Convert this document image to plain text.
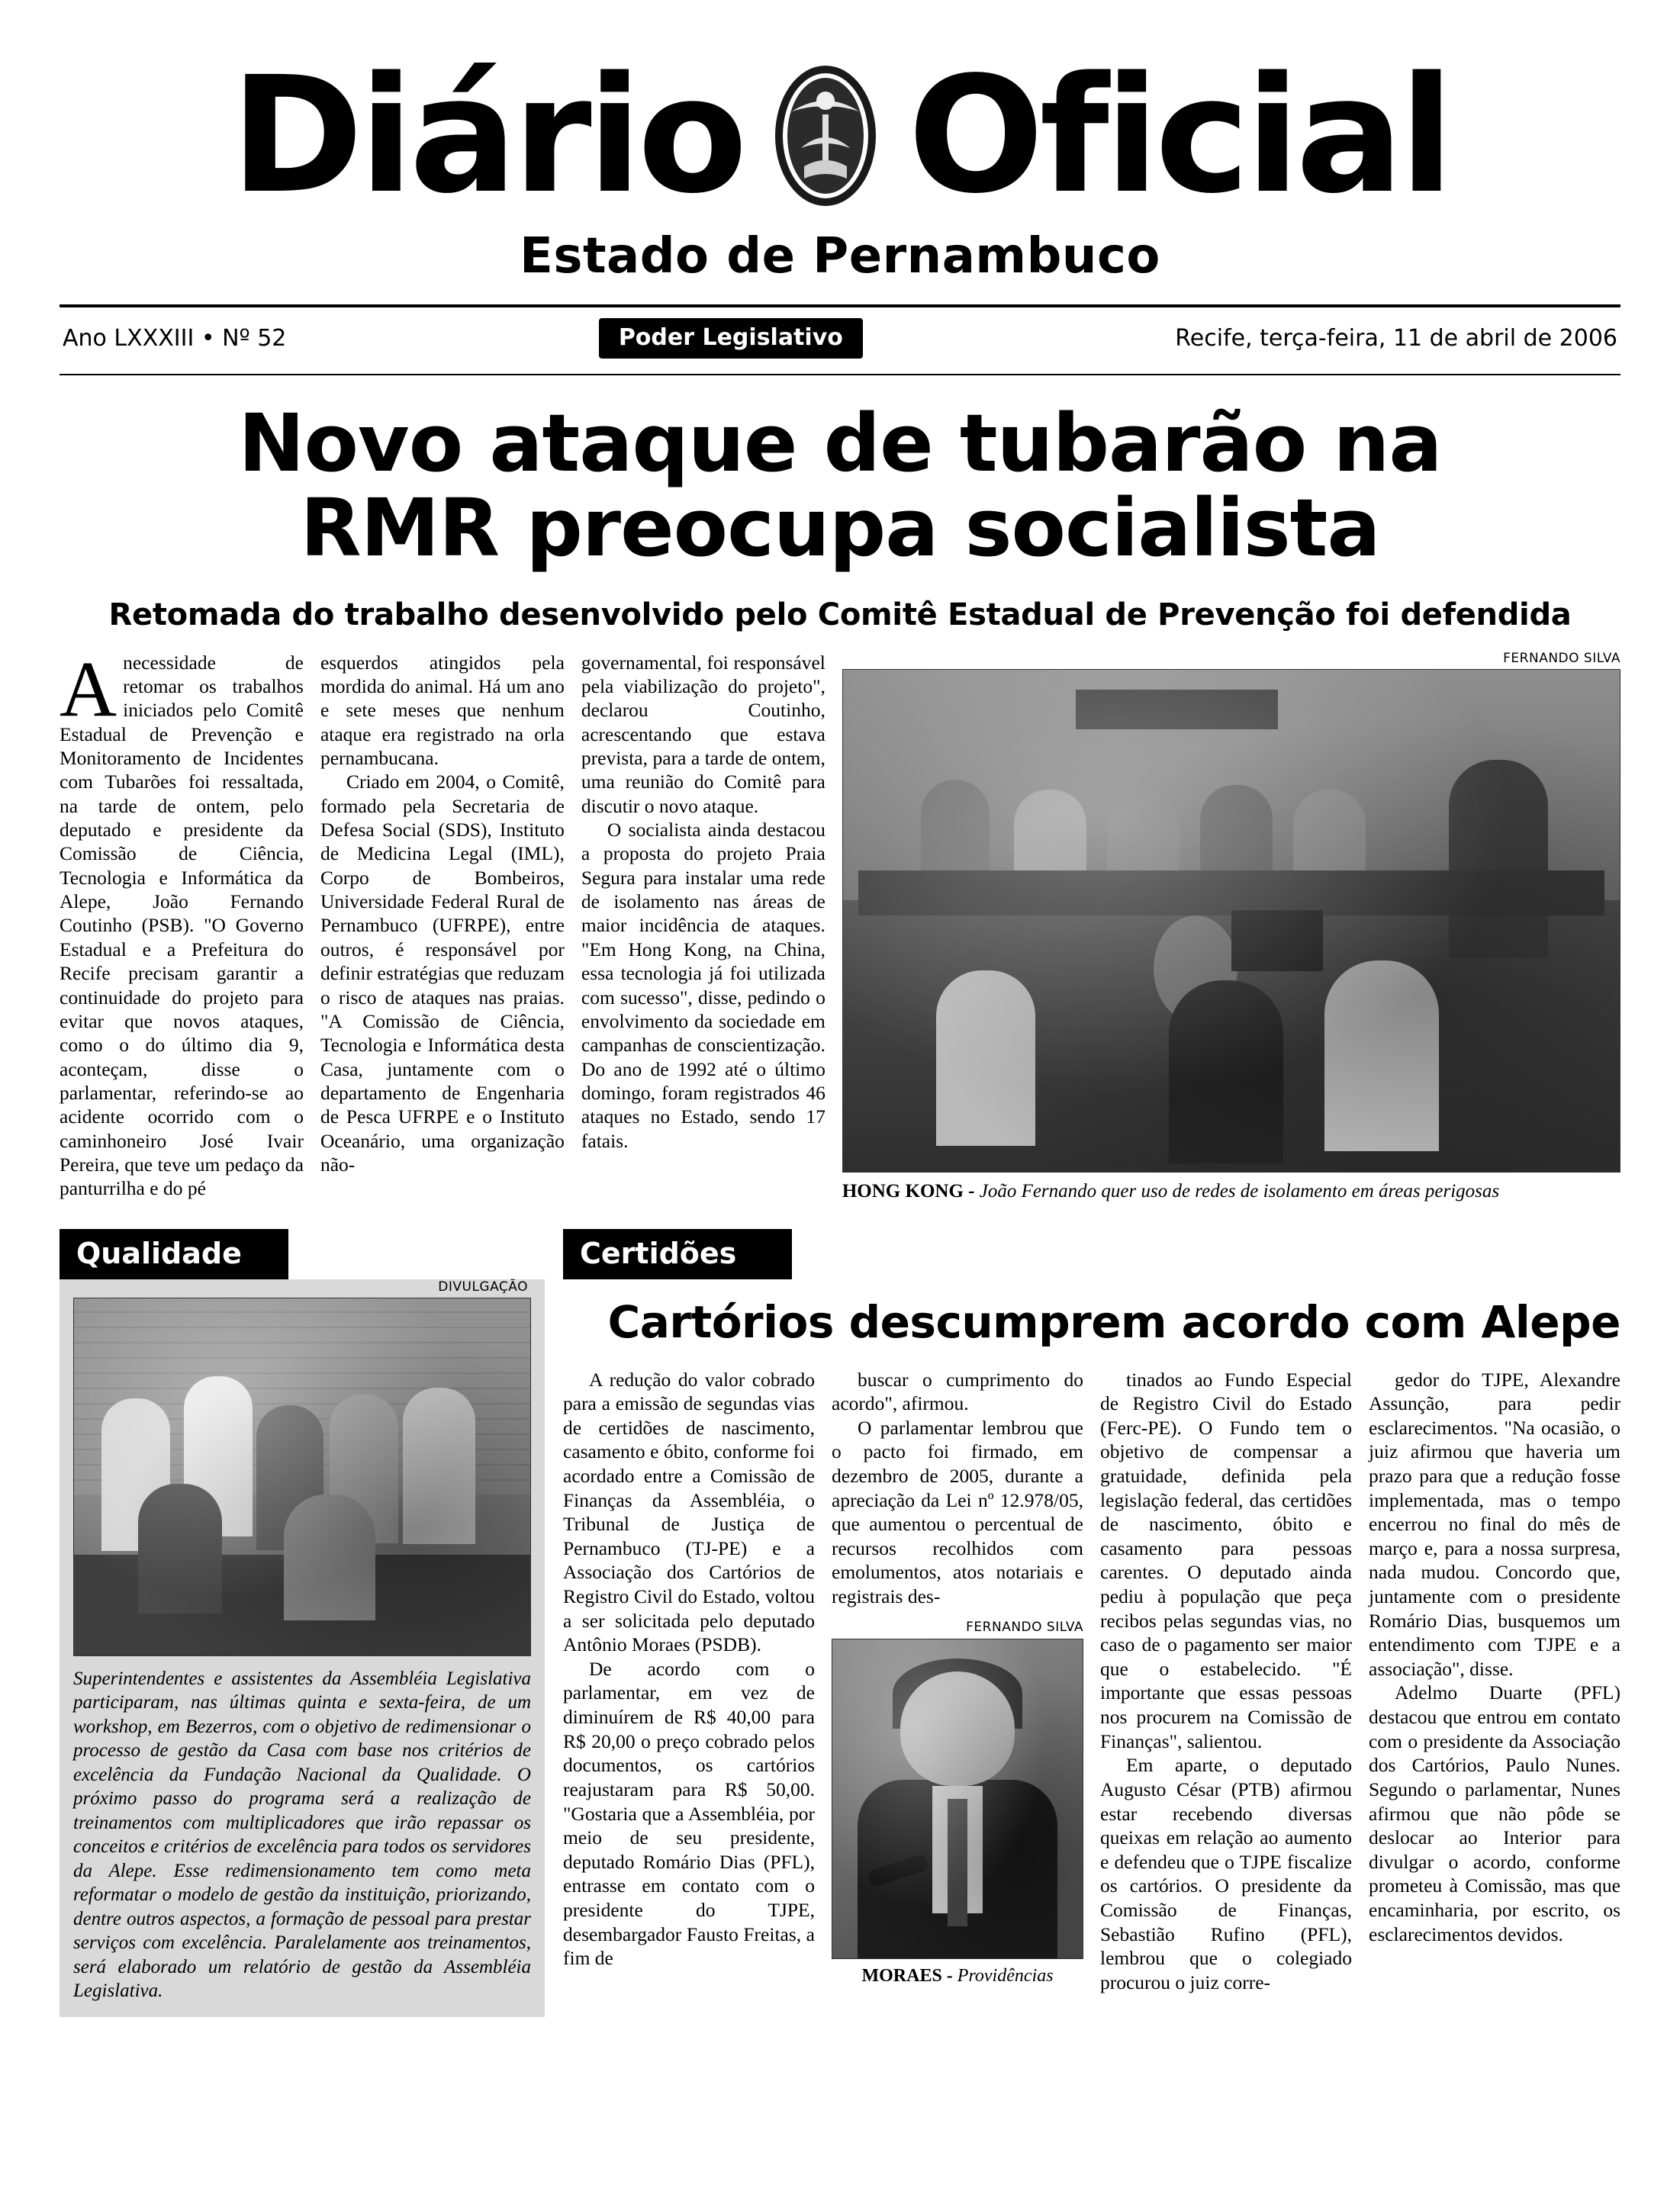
Diário Oficial
Estado de Pernambuco
Ano LXXXIII • Nº 52	Poder Legislativo	Recife, terça-feira, 11 de abril de 2006
Novo ataque de tubarão na
RMR preocupa socialista
Retomada do trabalho desenvolvido pelo Comitê Estadual de Prevenção foi defendida

Anecessidade de retomar os trabalhos iniciados pelo Comitê Estadual de Prevenção e Monitoramento de Incidentes com Tubarões foi ressaltada, na tarde de ontem, pelo deputado e presidente da Comissão de Ciência, Tecnologia e Informática da Alepe, João Fernando Coutinho (PSB). "O Governo Estadual e a Prefeitura do Recife precisam garantir a continuidade do projeto para evitar que novos ataques, como o do último dia 9, aconteçam, disse o parlamentar, referindo-se ao acidente ocorrido com o caminhoneiro José Ivair Pereira, que teve um pedaço da panturrilha e do pé

esquerdos atingidos pela mordida do animal. Há um ano e sete meses que nenhum ataque era registrado na orla pernambucana.

Criado em 2004, o Comitê, formado pela Secretaria de Defesa Social (SDS), Instituto de Medicina Legal (IML), Corpo de Bombeiros, Universidade Federal Rural de Pernambuco (UFRPE), entre outros, é responsável por definir estratégias que reduzam o risco de ataques nas praias. "A Comissão de Ciência, Tecnologia e Informática desta Casa, juntamente com o departamento de Engenharia de Pesca UFRPE e o Instituto Oceanário, uma organização não-

governamental, foi responsável pela viabilização do projeto", declarou Coutinho, acrescentando que estava prevista, para a tarde de ontem, uma reunião do Comitê para discutir o novo ataque.

O socialista ainda destacou a proposta do projeto Praia Segura para instalar uma rede de isolamento nas áreas de maior incidência de ataques. "Em Hong Kong, na China, essa tecnologia já foi utilizada com sucesso", disse, pedindo o envolvimento da sociedade em campanhas de conscientização. Do ano de 1992 até o último domingo, foram registrados 46 ataques no Estado, sendo 17 fatais.

FERNANDO SILVA
HONG KONG - João Fernando quer uso de redes de isolamento em áreas perigosas
Qualidade
DIVULGAÇÃO
Superintendentes e assistentes da Assembléia Legislativa participaram, nas últimas quinta e sexta-feira, de um workshop, em Bezerros, com o objetivo de redimensionar o processo de gestão da Casa com base nos critérios de excelência da Fundação Nacional da Qualidade. O próximo passo do programa será a realização de treinamentos com multiplicadores que irão repassar os conceitos e critérios de excelência para todos os servidores da Alepe. Esse redimensionamento tem como meta reformatar o modelo de gestão da instituição, priorizando, dentre outros aspectos, a formação de pessoal para prestar serviços com excelência. Paralelamente aos treinamentos, será elaborado um relatório de gestão da Assembléia Legislativa.
Certidões
Cartórios descumprem acordo com Alepe

A redução do valor cobrado para a emissão de segundas vias de certidões de nascimento, casamento e óbito, conforme foi acordado entre a Comissão de Finanças da Assembléia, o Tribunal de Justiça de Pernambuco (TJ-PE) e a Associação dos Cartórios de Registro Civil do Estado, voltou a ser solicitada pelo deputado Antônio Moraes (PSDB).

De acordo com o parlamentar, em vez de diminuírem de R$ 40,00 para R$ 20,00 o preço cobrado pelos documentos, os cartórios reajustaram para R$ 50,00. "Gostaria que a Assembléia, por meio de seu presidente, deputado Romário Dias (PFL), entrasse em contato com o presidente do TJPE, desembargador Fausto Freitas, a fim de

buscar o cumprimento do acordo", afirmou.

O parlamentar lembrou que o pacto foi firmado, em dezembro de 2005, durante a apreciação da Lei nº 12.978/05, que aumentou o percentual de recursos recolhidos com emolumentos, atos notariais e registrais des-

FERNANDO SILVA
MORAES - Providências

tinados ao Fundo Especial de Registro Civil do Estado (Ferc-PE). O Fundo tem o objetivo de compensar a gratuidade, definida pela legislação federal, das certidões de nascimento, óbito e casamento para pessoas carentes. O deputado ainda pediu à população que peça recibos pelas segundas vias, no caso de o pagamento ser maior que o estabelecido. "É importante que essas pessoas nos procurem na Comissão de Finanças", salientou.

Em aparte, o deputado Augusto César (PTB) afirmou estar recebendo diversas queixas em relação ao aumento e defendeu que o TJPE fiscalize os cartórios. O presidente da Comissão de Finanças, Sebastião Rufino (PFL), lembrou que o colegiado procurou o juiz corre-

gedor do TJPE, Alexandre Assunção, para pedir esclarecimentos. "Na ocasião, o juiz afirmou que haveria um prazo para que a redução fosse implementada, mas o tempo encerrou no final do mês de março e, para a nossa surpresa, nada mudou. Concordo que, juntamente com o presidente Romário Dias, busquemos um entendimento com TJPE e a associação", disse.

Adelmo Duarte (PFL) destacou que entrou em contato com o presidente da Associação dos Cartórios, Paulo Nunes. Segundo o parlamentar, Nunes afirmou que não pôde se deslocar ao Interior para divulgar o acordo, conforme prometeu à Comissão, mas que encaminharia, por escrito, os esclarecimentos devidos.
